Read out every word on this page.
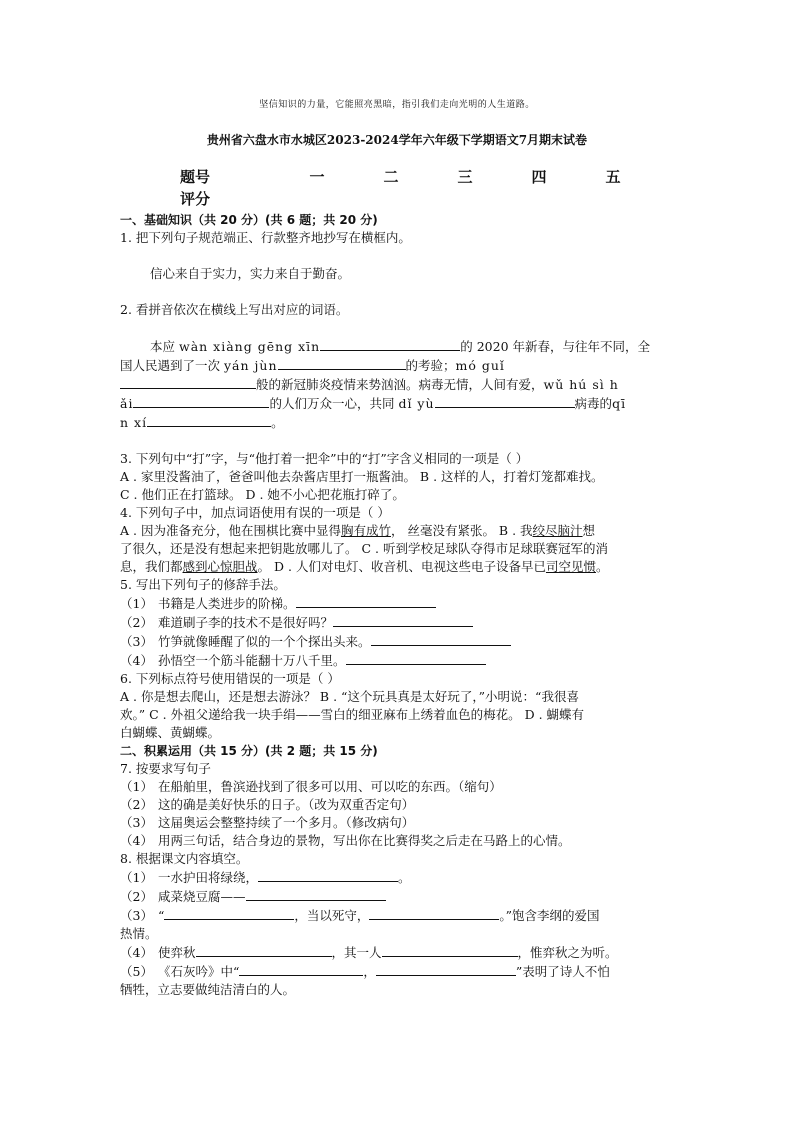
坚信知识的力量，它能照亮黑暗，指引我们走向光明的人生道路。
贵州省六盘水市水城区2023-2024学年六年级下学期语文7月期末试卷
题号	一	二	三	四	五
评分
一、基础知识（共 20 分）(共 6 题；共 20 分)
1. 把下列句子规范端正、行款整齐地抄写在横框内。
信心来自于实力，实力来自于勤奋。
2. 看拼音依次在横线上写出对应的词语。
本应 wàn xiàng gēng xīn	的 2020 年新春，与往年不同，全
国人民遇到了一次 yán jùn	的考验；mó guǐ
般的新冠肺炎疫情来势汹汹。病毒无情，人间有爱，wǔ hú sì h
ǎi	的人们万众一心，共同 dǐ yù	病毒的qī
n xí	。
3. 下列句中“打”字，与“他打着一把伞”中的“打”字含义相同的一项是（ ）
A . 家里没酱油了，爸爸叫他去杂酱店里打一瓶酱油。 B . 这样的人，打着灯笼都难找。
C . 他们正在打篮球。 D . 她不小心把花瓶打碎了。
4. 下列句子中，加点词语使用有误的一项是（ ）
A . 因为准备充分，他在围棋比赛中显得胸有成竹， 丝毫没有紧张。 B . 我绞尽脑汁想
了很久，还是没有想起来把钥匙放哪儿了。 C . 听到学校足球队夺得市足球联赛冠军的消
息，我们都感到心惊胆战。 D . 人们对电灯、收音机、电视这些电子设备早已司空见惯。
5. 写出下列句子的修辞手法。
（1） 书籍是人类进步的阶梯。
（2） 难道刷子李的技术不是很好吗？
（3） 竹笋就像睡醒了似的一个个探出头来。
（4） 孙悟空一个筋斗能翻十万八千里。
6. 下列标点符号使用错误的一项是（ ）
A . 你是想去爬山，还是想去游泳？ B . “这个玩具真是太好玩了，”小明说：“我很喜
欢。” C . 外祖父递给我一块手绢——雪白的细亚麻布上绣着血色的梅花。 D . 蝴蝶有
白蝴蝶、黄蝴蝶。
二、积累运用（共 15 分）(共 2 题；共 15 分)
7. 按要求写句子
（1） 在船舶里，鲁滨逊找到了很多可以用、可以吃的东西。（缩句）
（2） 这的确是美好快乐的日子。（改为双重否定句）
（3） 这届奥运会整整持续了一个多月。（修改病句）
（4） 用两三句话，结合身边的景物，写出你在比赛得奖之后走在马路上的心情。
8. 根据课文内容填空。
（1） 一水护田将绿绕，	。
（2） 咸菜烧豆腐——
（3） “	，当以死守，	。”饱含李纲的爱国
热情。
（4） 使弈秋	，其一人	，惟弈秋之为听。
（5） 《石灰吟》中“	，	”表明了诗人不怕
牺牲，立志要做纯洁清白的人。
